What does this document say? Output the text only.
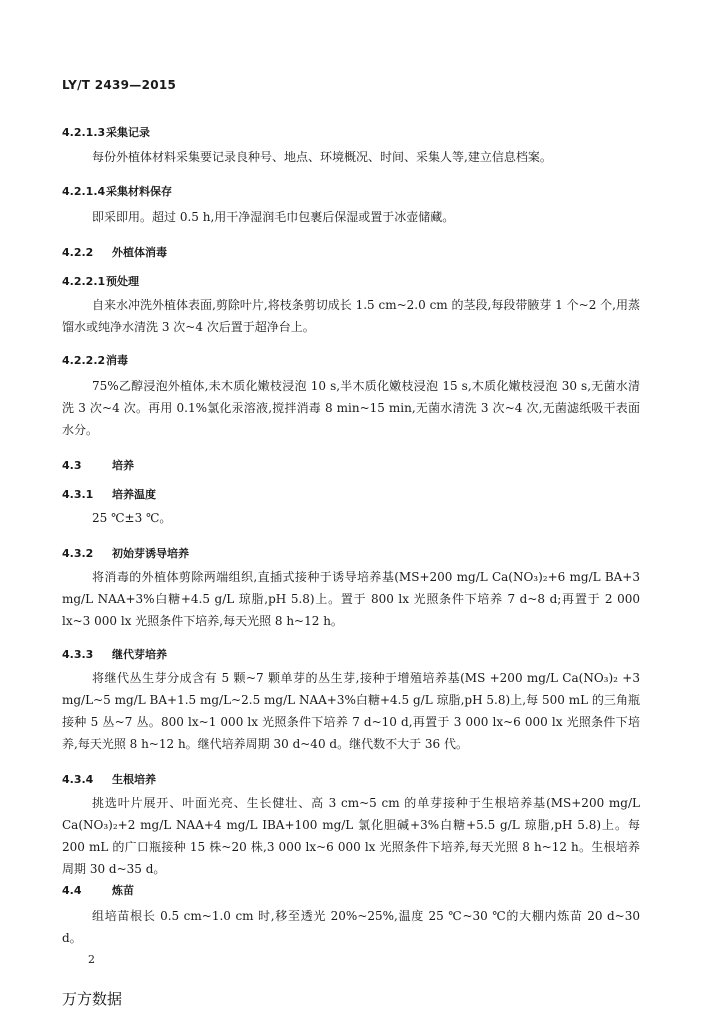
LY/T 2439—2015

4.2.1.3采集记录

每份外植体材料采集要记录良种号、地点、环境概况、时间、采集人等,建立信息档案。

4.2.1.4采集材料保存

即采即用。超过 0.5 h,用干净湿润毛巾包裹后保湿或置于冰壶储藏。

4.2.2 外植体消毒
4.2.2.1预处理

自来水冲洗外植体表面,剪除叶片,将枝条剪切成长 1.5 cm~2.0 cm 的茎段,每段带腋芽 1 个~2 个,用蒸馏水或纯净水清洗 3 次~4 次后置于超净台上。

4.2.2.2消毒

75%乙醇浸泡外植体,未木质化嫩枝浸泡 10 s,半木质化嫩枝浸泡 15 s,木质化嫩枝浸泡 30 s,无菌水清洗 3 次~4 次。再用 0.1%氯化汞溶液,搅拌消毒 8 min~15 min,无菌水清洗 3 次~4 次,无菌滤纸吸干表面水分。

4.3	培养
4.3.1 培养温度

25 ℃±3 ℃。

4.3.2 初始芽诱导培养

将消毒的外植体剪除两端组织,直插式接种于诱导培养基(MS+200 mg/L Ca(NO₃)₂+6 mg/L BA+3 mg/L NAA+3%白糖+4.5 g/L 琼脂,pH 5.8)上。置于 800 lx 光照条件下培养 7 d~8 d;再置于 2 000 lx~3 000 lx 光照条件下培养,每天光照 8 h~12 h。

4.3.3 继代芽培养

将继代丛生芽分成含有 5 颗~7 颗单芽的丛生芽,接种于增殖培养基(MS +200 mg/L Ca(NO₃)₂ +3 mg/L~5 mg/L BA+1.5 mg/L~2.5 mg/L NAA+3%白糖+4.5 g/L 琼脂,pH 5.8)上,每 500 mL 的三角瓶接种 5 丛~7 丛。800 lx~1 000 lx 光照条件下培养 7 d~10 d,再置于 3 000 lx~6 000 lx 光照条件下培养,每天光照 8 h~12 h。继代培养周期 30 d~40 d。继代数不大于 36 代。

4.3.4 生根培养

挑选叶片展开、叶面光亮、生长健壮、高 3 cm~5 cm 的单芽接种于生根培养基(MS+200 mg/L Ca(NO₃)₂+2 mg/L NAA+4 mg/L IBA+100 mg/L 氯化胆碱+3%白糖+5.5 g/L 琼脂,pH 5.8)上。每 200 mL 的广口瓶接种 15 株~20 株,3 000 lx~6 000 lx 光照条件下培养,每天光照 8 h~12 h。生根培养周期 30 d~35 d。

4.4	炼苗

组培苗根长 0.5 cm~1.0 cm 时,移至透光 20%~25%,温度 25 ℃~30 ℃的大棚内炼苗 20 d~30 d。

2

万方数据
